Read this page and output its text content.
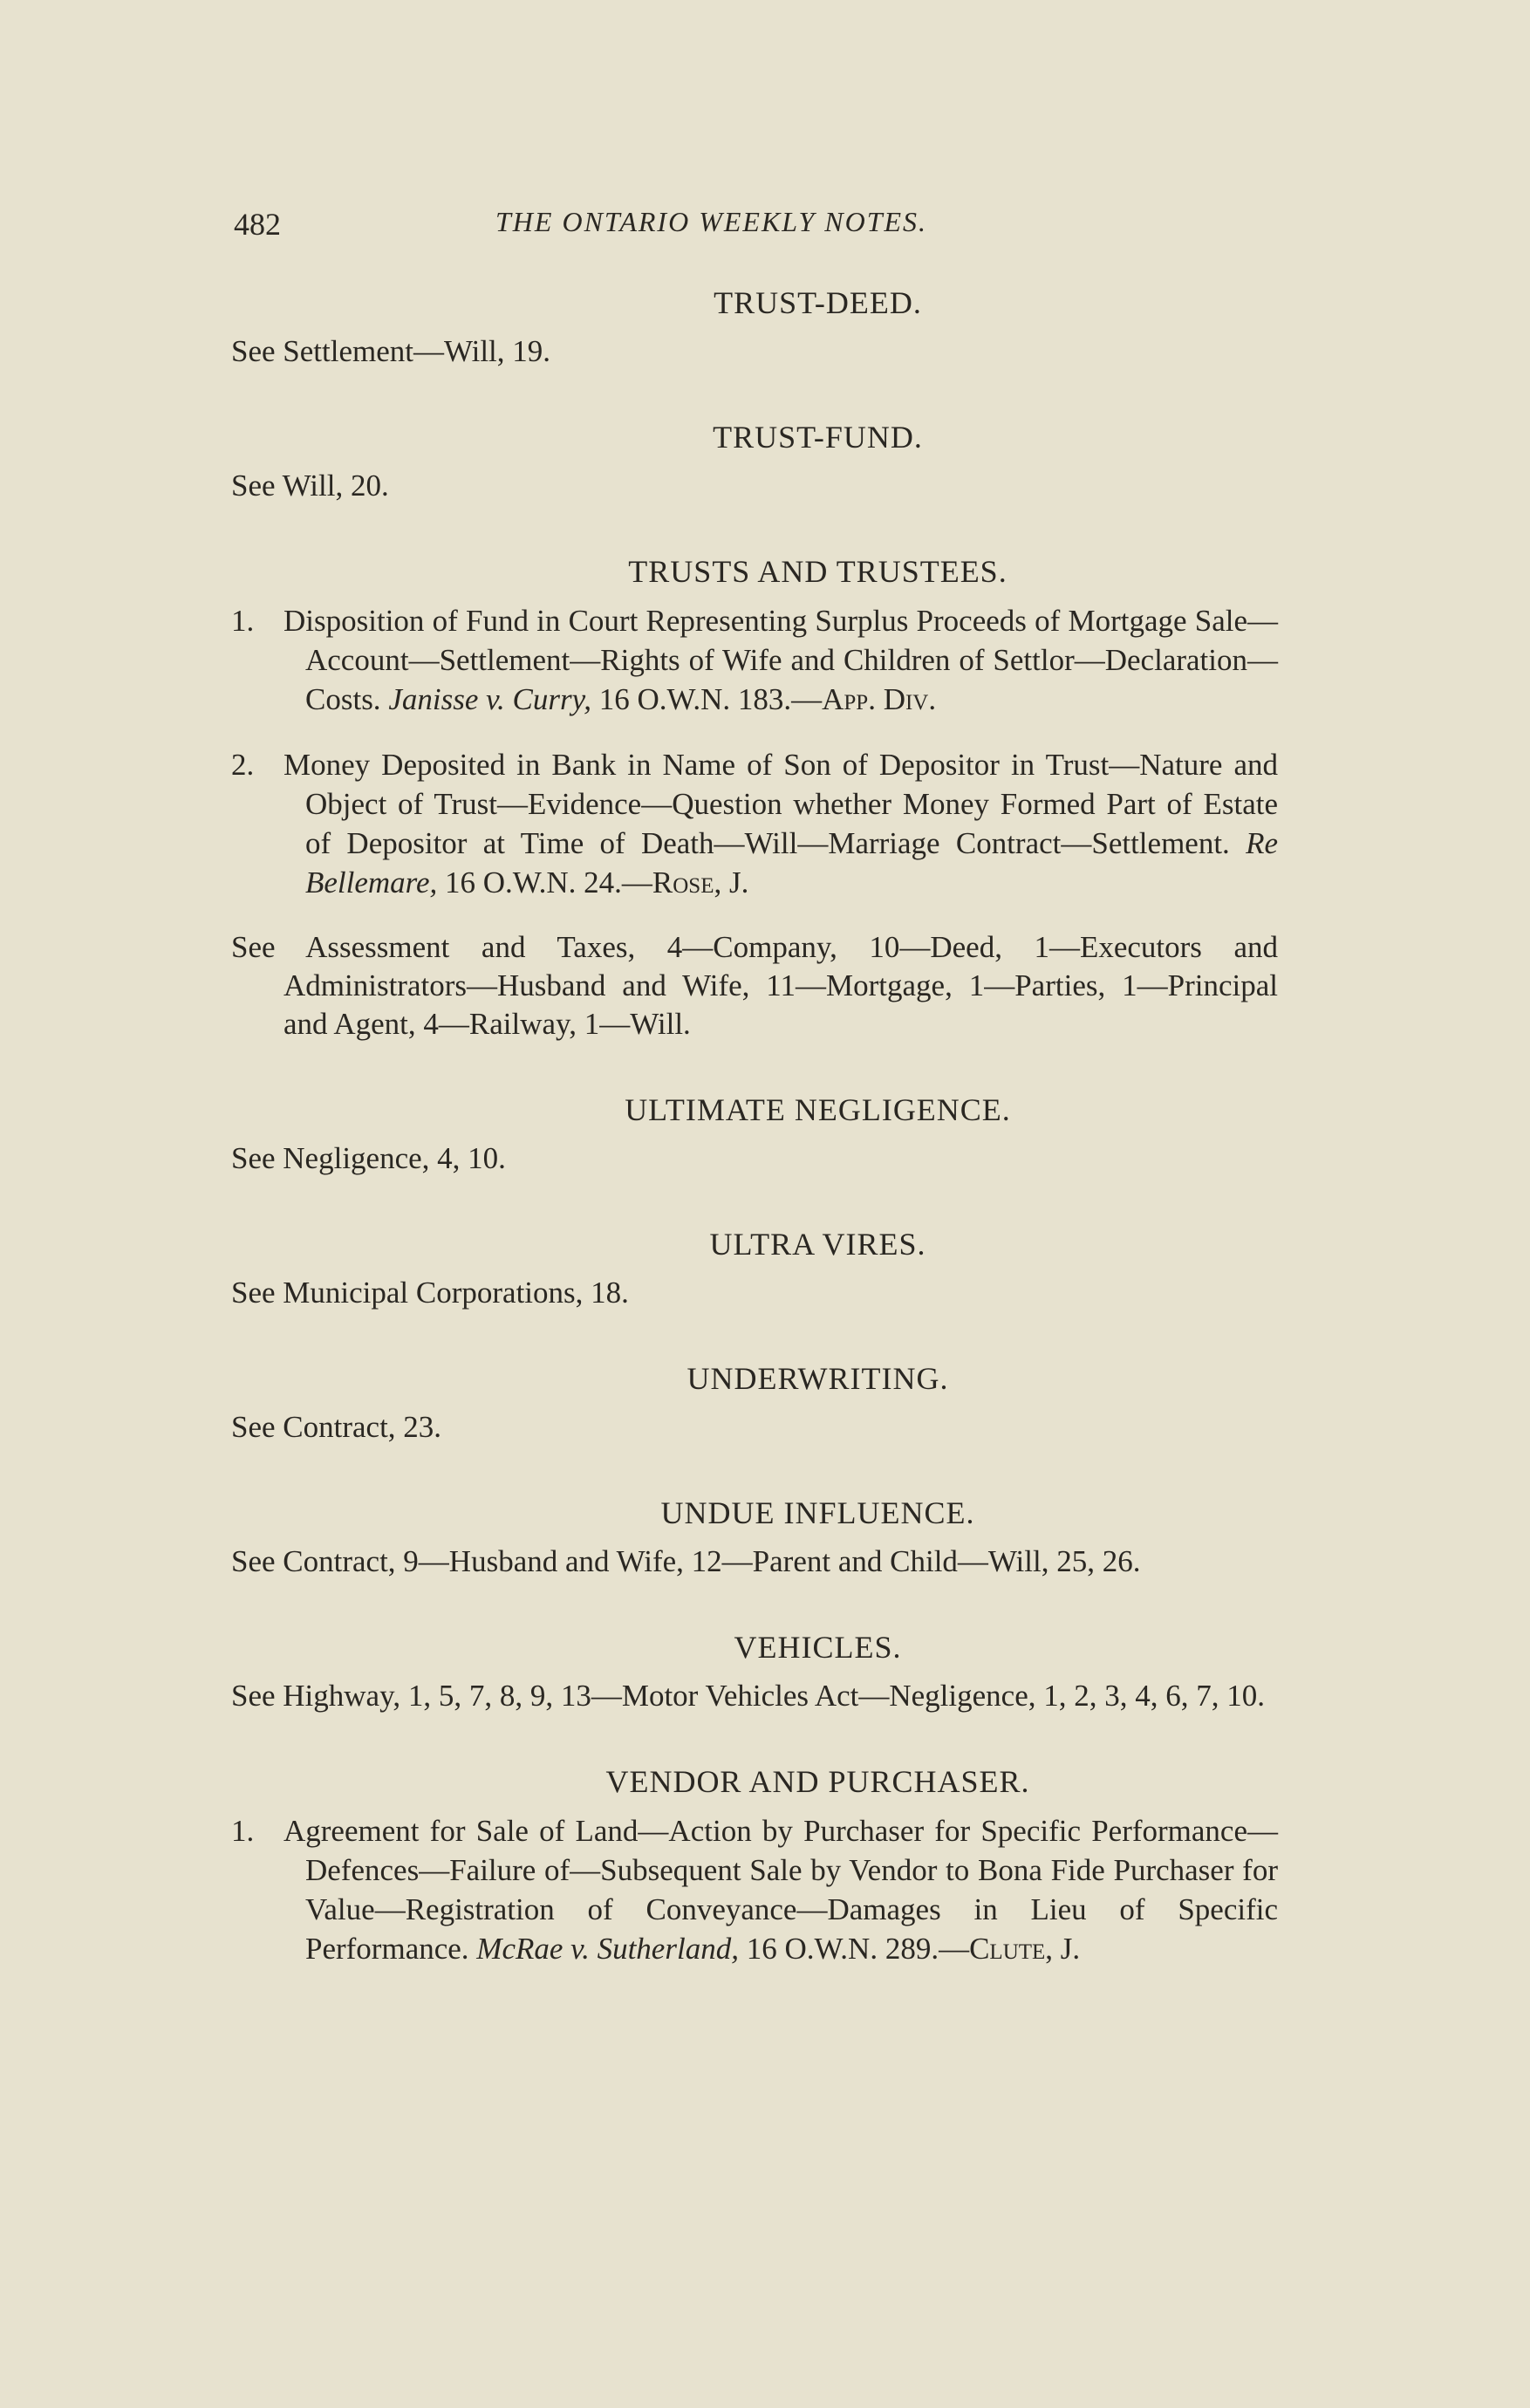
482	THE ONTARIO WEEKLY NOTES.
TRUST-DEED.

See Settlement—Will, 19.

TRUST-FUND.

See Will, 20.

TRUSTS AND TRUSTEES.

1. Disposition of Fund in Court Representing Surplus Proceeds of Mortgage Sale—Account—Settlement—Rights of Wife and Children of Settlor—Declaration—Costs. Janisse v. Curry, 16 O.W.N. 183.—App. Div.

2. Money Deposited in Bank in Name of Son of Depositor in Trust—Nature and Object of Trust—Evidence—Question whether Money Formed Part of Estate of Depositor at Time of Death—Will—Marriage Contract—Settlement. Re Bellemare, 16 O.W.N. 24.—Rose, J.

See Assessment and Taxes, 4—Company, 10—Deed, 1—Executors and Administrators—Husband and Wife, 11—Mortgage, 1—Parties, 1—Principal and Agent, 4—Railway, 1—Will.

ULTIMATE NEGLIGENCE.

See Negligence, 4, 10.

ULTRA VIRES.

See Municipal Corporations, 18.

UNDERWRITING.

See Contract, 23.

UNDUE INFLUENCE.

See Contract, 9—Husband and Wife, 12—Parent and Child—Will, 25, 26.

VEHICLES.

See Highway, 1, 5, 7, 8, 9, 13—Motor Vehicles Act—Negligence, 1, 2, 3, 4, 6, 7, 10.

VENDOR AND PURCHASER.

1. Agreement for Sale of Land—Action by Purchaser for Specific Performance—Defences—Failure of—Subsequent Sale by Vendor to Bona Fide Purchaser for Value—Registration of Conveyance—Damages in Lieu of Specific Performance. McRae v. Sutherland, 16 O.W.N. 289.—Clute, J.
